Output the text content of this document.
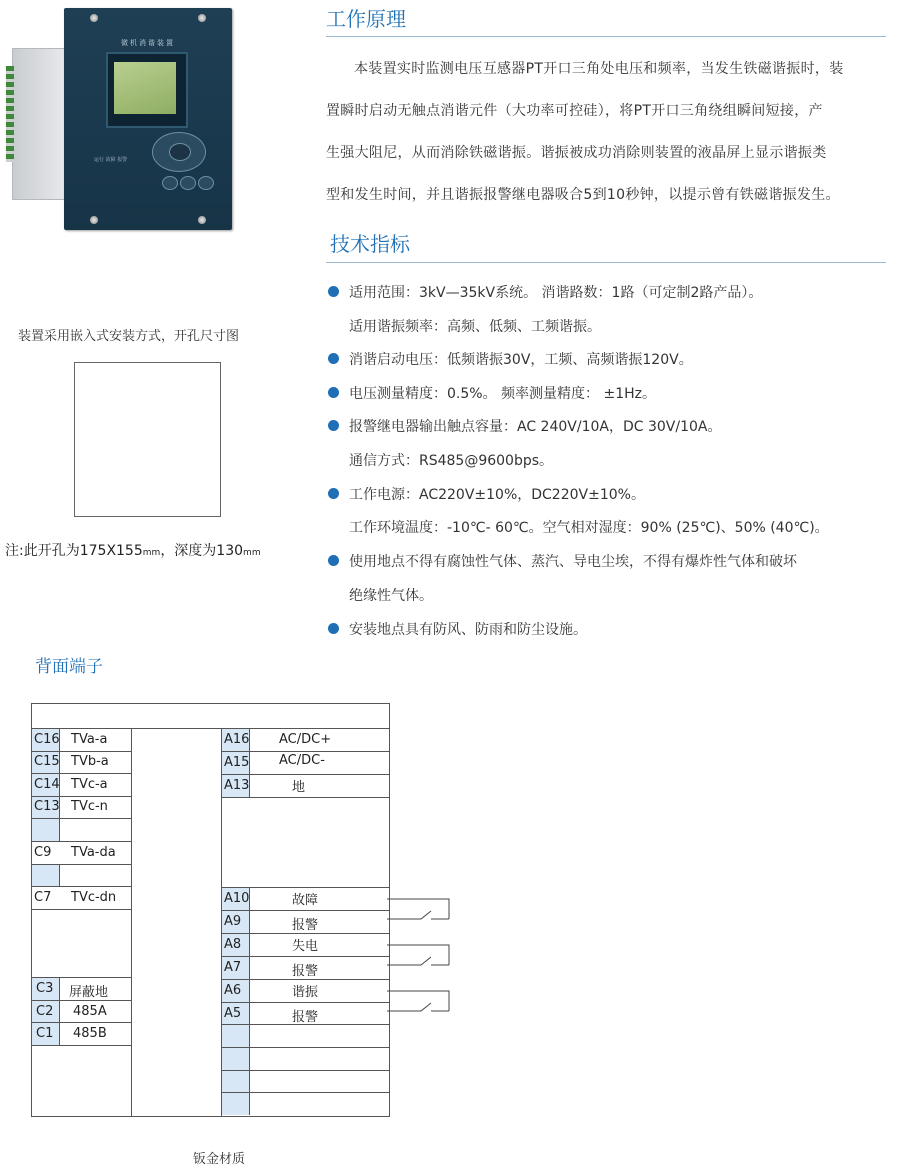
微机消谐装置
运行 故障 报警
装置采用嵌入式安装方式，开孔尺寸图
注:此开孔为175X155mm，深度为130mm
工作原理
本装置实时监测电压互感器PT开口三角处电压和频率，当发生铁磁谐振时，装
置瞬时启动无触点消谐元件（大功率可控硅），将PT开口三角绕组瞬间短接，产
生强大阻尼，从而消除铁磁谐振。谐振被成功消除则装置的液晶屏上显示谐振类
型和发生时间，并且谐振报警继电器吸合5到10秒钟，以提示曾有铁磁谐振发生。
技术指标
适用范围：3kV—35kV系统。 消谐路数：1路（可定制2路产品）。
适用谐振频率：高频、低频、工频谐振。
消谐启动电压：低频谐振30V，工频、高频谐振120V。
电压测量精度：0.5%。 频率测量精度： ±1Hz。
报警继电器输出触点容量：AC 240V/10A，DC 30V/10A。
通信方式：RS485@9600bps。
工作电源：AC220V±10%，DC220V±10%。
工作环境温度：-10℃- 60℃。空气相对湿度：90% (25℃)、50% (40℃)。
使用地点不得有腐蚀性气体、蒸汽、导电尘埃，不得有爆炸性气体和破坏
绝缘性气体。
安装地点具有防风、防雨和防尘设施。
背面端子
C16 TVa-a
C15 TVb-a
C14 TVc-a
C13 TVc-n
C9 TVa-da
C7 TVc-dn
C3 屏蔽地
C2 485A
C1 485B
A16 AC/DC+
A15 AC/DC-
A13	地
A10	故障
A9	报警
A8	失电
A7	报警
A6	谐振
A5	报警
钣金材质
